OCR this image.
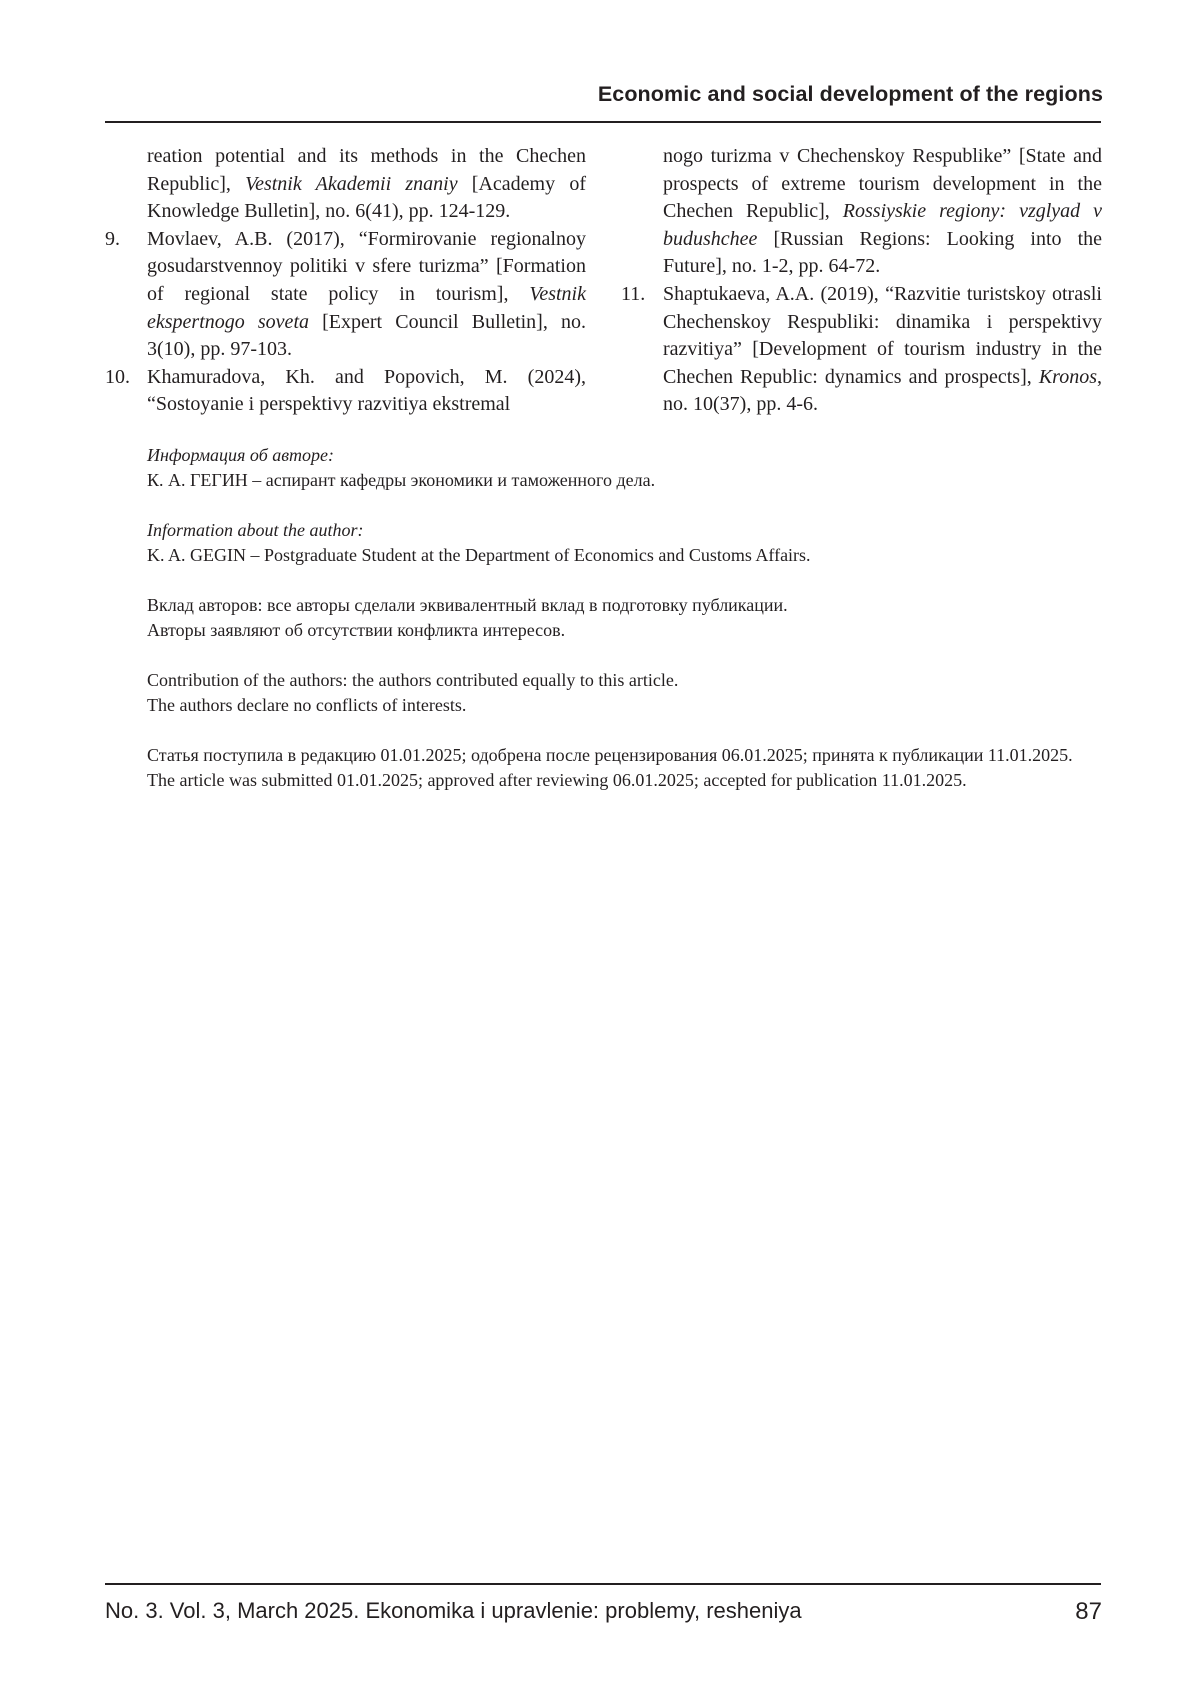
Economic and social development of the regions
reation potential and its methods in the Chechen Republic], Vestnik Akademii znaniy [Academy of Knowledge Bulletin], no. 6(41), pp. 124-129.
9. Movlaev, A.B. (2017), “Formirovanie regionalnoy gosudarstvennoy politiki v sfere turizma” [Formation of regional state policy in tourism], Vestnik ekspertnogo soveta [Expert Council Bulletin], no. 3(10), pp. 97-103.
10. Khamuradova, Kh. and Popovich, M. (2024), “Sostoyanie i perspektivy razvitiya ekstremal
nogo turizma v Chechenskoy Respublike” [State and prospects of extreme tourism development in the Chechen Republic], Rossiyskie regiony: vzglyad v budushchee [Russian Regions: Looking into the Future], no. 1-2, pp. 64-72.
11. Shaptukaeva, A.A. (2019), “Razvitie turistskoy otrasli Chechenskoy Respubliki: dinamika i perspektivy razvitiya” [Development of tourism industry in the Chechen Republic: dynamics and prospects], Kronos, no. 10(37), pp. 4-6.

Информация об авторе:

К. А. ГЕГИН – аспирант кафедры экономики и таможенного дела.

Information about the author:

K. A. GEGIN – Postgraduate Student at the Department of Economics and Customs Affairs.

Вклад авторов: все авторы сделали эквивалентный вклад в подготовку публикации.

Авторы заявляют об отсутствии конфликта интересов.

Contribution of the authors: the authors contributed equally to this article.

The authors declare no conflicts of interests.

Статья поступила в редакцию 01.01.2025; одобрена после рецензирования 06.01.2025; принята к публикации 11.01.2025.

The article was submitted 01.01.2025; approved after reviewing 06.01.2025; accepted for publication 11.01.2025.

No. 3. Vol. 3, March 2025. Ekonomika i upravlenie: problemy, resheniya	87
